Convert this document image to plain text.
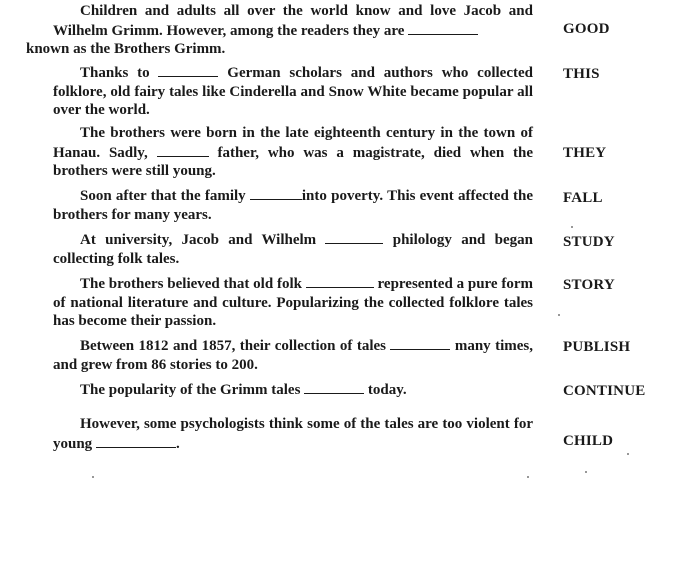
Children and adults all over the world know and love Jacob and Wilhelm Grimm. However, among the readers they are
known as the Brothers Grimm.
GOOD
Thanks to	German scholars and authors who collected folklore, old fairy tales like Cinderella and Snow White became popular all over the world.
THIS
The brothers were born in the late eighteenth century in the town of Hanau. Sadly,	father, who was a magistrate, died when the brothers were still young.
THEY
Soon after that the family	into poverty. This event affected the brothers for many years.
FALL
At university, Jacob and Wilhelm	philology and began collecting folk tales.
STUDY
The brothers believed that old folk	represented a pure form of national literature and culture. Popularizing the collected folklore tales has become their passion.
STORY
Between 1812 and 1857, their collection of tales	many times, and grew from 86 stories to 200.
PUBLISH
The popularity of the Grimm tales	today.	CONTINUE
However, some psychologists think some of the tales are too violent for young	.	CHILD
